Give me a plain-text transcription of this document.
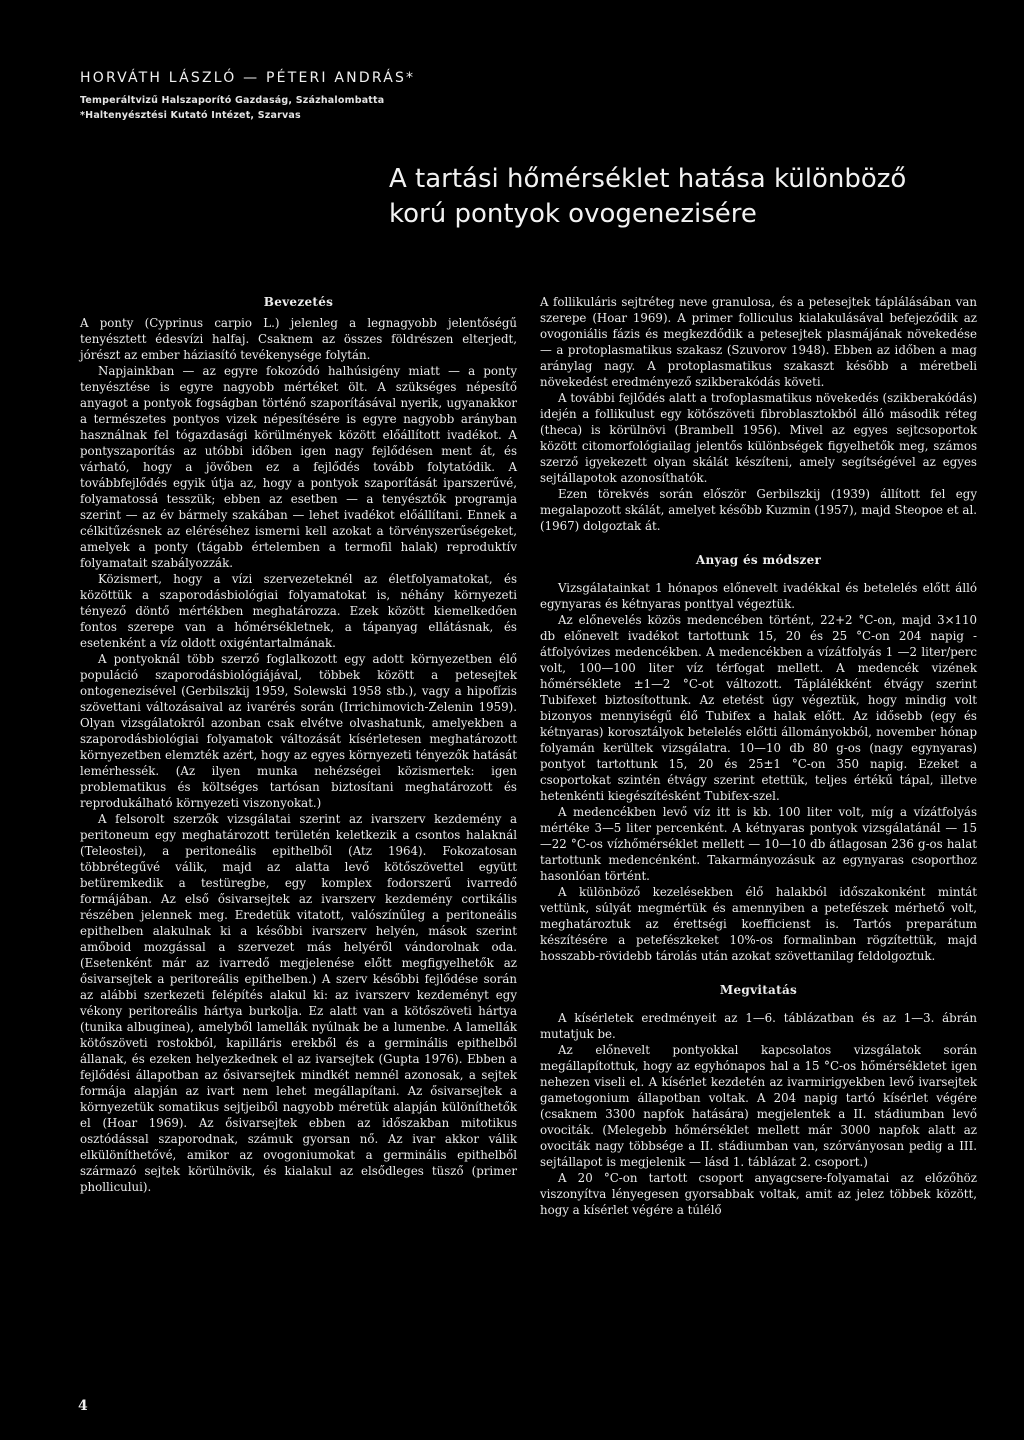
HORVÁTH LÁSZLÓ — PÉTERI ANDRÁS*
Temperáltvizű Halszaporító Gazdaság, Százhalombatta
*Haltenyésztési Kutató Intézet, Szarvas
A tartási hőmérséklet hatása különböző
korú pontyok ovogenezisére
Bevezetés

A ponty (Cyprinus carpio L.) jelenleg a legnagyobb jelentőségű tenyésztett édesvízi halfaj. Csaknem az összes földrészen elterjedt, jórészt az ember háziasító tevékenysége folytán.

Napjainkban — az egyre fokozódó halhúsigény miatt — a ponty tenyésztése is egyre nagyobb mértéket ölt. A szükséges népesítő anyagot a pontyok fogságban történő szaporításával nyerik, ugyanakkor a természetes pontyos vizek népesítésére is egyre nagyobb arányban használnak fel tógazdasági körülmények között előállított ivadékot. A pontyszaporítás az utóbbi időben igen nagy fejlődésen ment át, és várható, hogy a jövőben ez a fejlődés tovább folytatódik. A továbbfejlődés egyik útja az, hogy a pontyok szaporítását iparszerűvé, folyamatossá tesszük; ebben az esetben — a tenyésztők programja szerint — az év bármely szakában — lehet ivadékot előállítani. Ennek a célkitűzésnek az eléréséhez ismerni kell azokat a törvényszerűségeket, amelyek a ponty (tágabb értelemben a termofil halak) reproduktív folyamatait szabályozzák.

Közismert, hogy a vízi szervezeteknél az életfolyamatokat, és közöttük a szaporodásbiológiai folyamatokat is, néhány környezeti tényező döntő mértékben meghatározza. Ezek között kiemelkedően fontos szerepe van a hőmérsékletnek, a tápanyag ellátásnak, és esetenként a víz oldott oxigéntartalmának.

A pontyoknál több szerző foglalkozott egy adott környezetben élő populáció szaporodásbiológiájával, többek között a petesejtek ontogenezisével (Gerbilszkij 1959, Solewski 1958 stb.), vagy a hipofízis szövettani változásaival az ivarérés során (Irrichimovich-Zelenin 1959). Olyan vizsgálatokról azonban csak elvétve olvashatunk, amelyekben a szaporodásbiológiai folyamatok változását kísérletesen meghatározott környezetben elemzték azért, hogy az egyes környezeti tényezők hatását lemérhessék. (Az ilyen munka nehézségei közismertek: igen problematikus és költséges tartósan biztosítani meghatározott és reprodukálható környezeti viszonyokat.)

A felsorolt szerzők vizsgálatai szerint az ivarszerv kezdemény a peritoneum egy meghatározott területén keletkezik a csontos halaknál (Teleostei), a peritoneális epithelből (Atz 1964). Fokozatosan többrétegűvé válik, majd az alatta levő kötőszövettel együtt betüremkedik a testüregbe, egy komplex fodorszerű ivarredő formájában. Az első ősivarsejtek az ivarszerv kezdemény cortikális részében jelennek meg. Eredetük vitatott, valószínűleg a peritoneális epithelben alakulnak ki a későbbi ivarszerv helyén, mások szerint amőboid mozgással a szervezet más helyéről vándorolnak oda. (Esetenként már az ivarredő megjelenése előtt megfigyelhetők az ősivarsejtek a peritoreális epithelben.) A szerv későbbi fejlődése során az alábbi szerkezeti felépítés alakul ki: az ivarszerv kezdeményt egy vékony peritoreális hártya burkolja. Ez alatt van a kötőszöveti hártya (tunika albuginea), amelyből lamellák nyúlnak be a lumenbe. A lamellák kötőszöveti rostokból, kapilláris erekből és a germinális epithelből állanak, és ezeken helyezkednek el az ivarsejtek (Gupta 1976). Ebben a fejlődési állapotban az ősivarsejtek mindkét nemnél azonosak, a sejtek formája alapján az ivart nem lehet megállapítani. Az ősivarsejtek a környezetük somatikus sejtjeiből nagyobb méretük alapján különíthetők el (Hoar 1969). Az ősivarsejtek ebben az időszakban mitotikus osztódással szaporodnak, számuk gyorsan nő. Az ivar akkor válik elkülöníthetővé, amikor az ovogoniumokat a germinális epithelből származó sejtek körülnövik, és kialakul az elsődleges tüsző (primer phollicului).

A follikuláris sejtréteg neve granulosa, és a petesejtek táplálásában van szerepe (Hoar 1969). A primer folliculus kialakulásával befejeződik az ovogoniális fázis és megkezdődik a petesejtek plasmájának növekedése — a protoplasmatikus szakasz (Szuvorov 1948). Ebben az időben a mag aránylag nagy. A protoplasmatikus szakaszt később a méretbeli növekedést eredményező szikberakódás követi.

A további fejlődés alatt a trofoplasmatikus növekedés (szikberakódás) idején a follikulust egy kötőszöveti fibroblasztokból álló második réteg (theca) is körülnövi (Brambell 1956). Mivel az egyes sejtcsoportok között citomorfológiailag jelentős különbségek figyelhetők meg, számos szerző igyekezett olyan skálát készíteni, amely segítségével az egyes sejtállapotok azonosíthatók.

Ezen törekvés során először Gerbilszkij (1939) állított fel egy megalapozott skálát, amelyet később Kuzmin (1957), majd Steopoe et al. (1967) dolgoztak át.

Anyag és módszer

Vizsgálatainkat 1 hónapos előnevelt ivadékkal és betelelés előtt álló egynyaras és kétnyaras ponttyal végeztük.

Az előnevelés közös medencében történt, 22+2 °C-on, majd 3×110 db előnevelt ivadékot tartottunk 15, 20 és 25 °C-on 204 napig - átfolyóvizes medencékben. A medencékben a vízátfolyás 1 —2 liter/perc volt, 100—100 liter víz térfogat mellett. A medencék vizének hőmérséklete ±1—2 °C-ot változott. Táplálékként étvágy szerint Tubifexet biztosítottunk. Az etetést úgy végeztük, hogy mindig volt bizonyos mennyiségű élő Tubifex a halak előtt. Az idősebb (egy és kétnyaras) korosztályok betelelés előtti állományokból, november hónap folyamán kerültek vizsgálatra. 10—10 db 80 g-os (nagy egynyaras) pontyot tartottunk 15, 20 és 25±1 °C-on 350 napig. Ezeket a csoportokat szintén étvágy szerint etettük, teljes értékű tápal, illetve hetenkénti kiegészítésként Tubifex-szel.

A medencékben levő víz itt is kb. 100 liter volt, míg a vízátfolyás mértéke 3—5 liter percenként. A kétnyaras pontyok vizsgálatánál — 15—22 °C-os vízhőmérséklet mellett — 10—10 db átlagosan 236 g-os halat tartottunk medencénként. Takarmányozásuk az egynyaras csoporthoz hasonlóan történt.

A különböző kezelésekben élő halakból időszakonként mintát vettünk, súlyát megmértük és amennyiben a petefészek mérhető volt, meghatároztuk az érettségi koefficienst is. Tartós preparátum készítésére a petefészkeket 10%-os formalinban rögzítettük, majd hosszabb-rövidebb tárolás után azokat szövettanilag feldolgoztuk.

Megvitatás

A kísérletek eredményeit az 1—6. táblázatban és az 1—3. ábrán mutatjuk be.

Az előnevelt pontyokkal kapcsolatos vizsgálatok során megállapítottuk, hogy az egyhónapos hal a 15 °C-os hőmérsékletet igen nehezen viseli el. A kísérlet kezdetén az ivarmirigyekben levő ivarsejtek gametogonium állapotban voltak. A 204 napig tartó kísérlet végére (csaknem 3300 napfok hatására) megjelentek a II. stádiumban levő ovociták. (Melegebb hőmérséklet mellett már 3000 napfok alatt az ovociták nagy többsége a II. stádiumban van, szórványosan pedig a III. sejtállapot is megjelenik — lásd 1. táblázat 2. csoport.)

A 20 °C-on tartott csoport anyagcsere-folyamatai az előzőhöz viszonyítva lényegesen gyorsabbak voltak, amit az jelez többek között, hogy a kísérlet végére a túlélő

4
